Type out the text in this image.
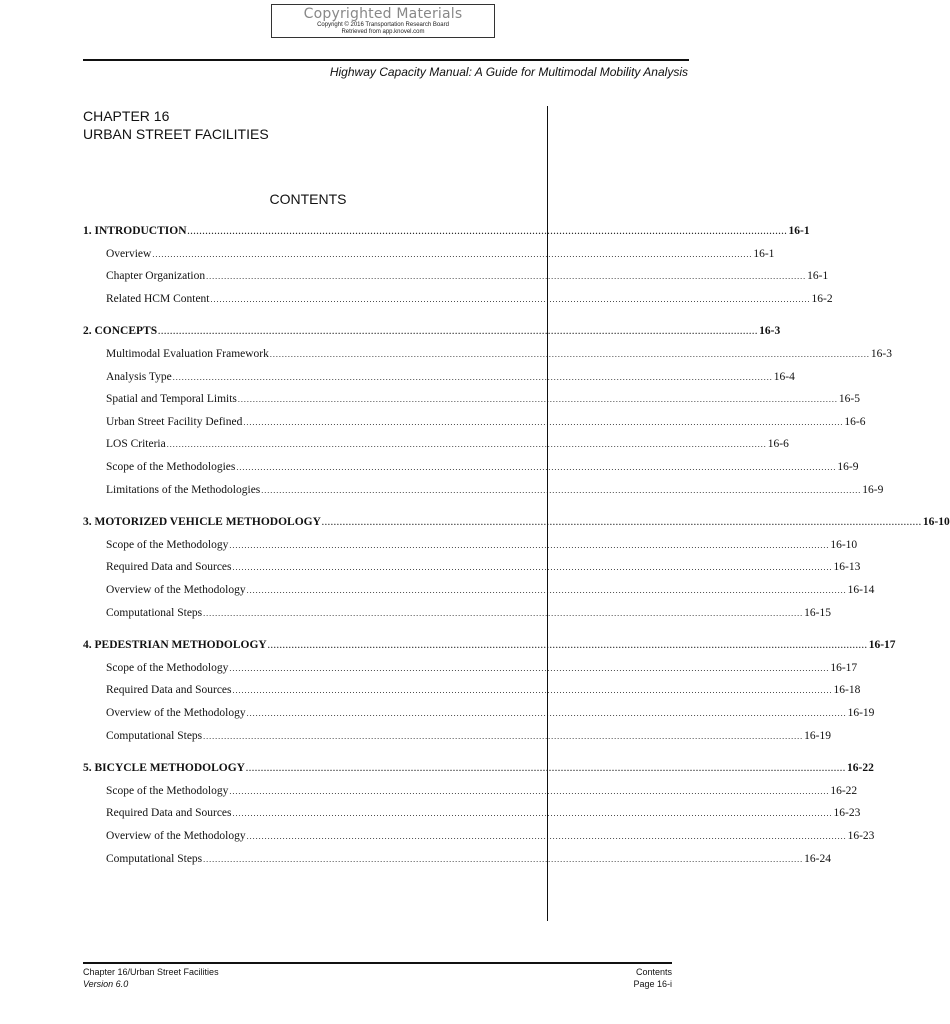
Copyrighted Materials
Copyright © 2016 Transportation Research Board
Retrieved from app.knovel.com
Highway Capacity Manual: A Guide for Multimodal Mobility Analysis
CHAPTER 16
URBAN STREET FACILITIES
CONTENTS
1. INTRODUCTION ........................................................................................................................................................................................................ 16-1
Overview ........................................................................................................................................................................................................ 16-1
Chapter Organization ........................................................................................................................................................................................................ 16-1
Related HCM Content ........................................................................................................................................................................................................ 16-2
2. CONCEPTS ........................................................................................................................................................................................................ 16-3
Multimodal Evaluation Framework ........................................................................................................................................................................................................ 16-3
Analysis Type ........................................................................................................................................................................................................ 16-4
Spatial and Temporal Limits ........................................................................................................................................................................................................ 16-5
Urban Street Facility Defined ........................................................................................................................................................................................................ 16-6
LOS Criteria ........................................................................................................................................................................................................ 16-6
Scope of the Methodologies ........................................................................................................................................................................................................ 16-9
Limitations of the Methodologies ........................................................................................................................................................................................................ 16-9
3. MOTORIZED VEHICLE METHODOLOGY ........................................................................................................................................................................................................ 16-10
Scope of the Methodology ........................................................................................................................................................................................................ 16-10
Required Data and Sources ........................................................................................................................................................................................................ 16-13
Overview of the Methodology ........................................................................................................................................................................................................ 16-14
Computational Steps ........................................................................................................................................................................................................ 16-15
4. PEDESTRIAN METHODOLOGY ........................................................................................................................................................................................................ 16-17
Scope of the Methodology ........................................................................................................................................................................................................ 16-17
Required Data and Sources ........................................................................................................................................................................................................ 16-18
Overview of the Methodology ........................................................................................................................................................................................................ 16-19
Computational Steps ........................................................................................................................................................................................................ 16-19
5. BICYCLE METHODOLOGY ........................................................................................................................................................................................................ 16-22
Scope of the Methodology ........................................................................................................................................................................................................ 16-22
Required Data and Sources ........................................................................................................................................................................................................ 16-23
Overview of the Methodology ........................................................................................................................................................................................................ 16-23
Computational Steps ........................................................................................................................................................................................................ 16-24
Chapter 16/Urban Street Facilities
Version 6.0
Contents
Page 16-i
